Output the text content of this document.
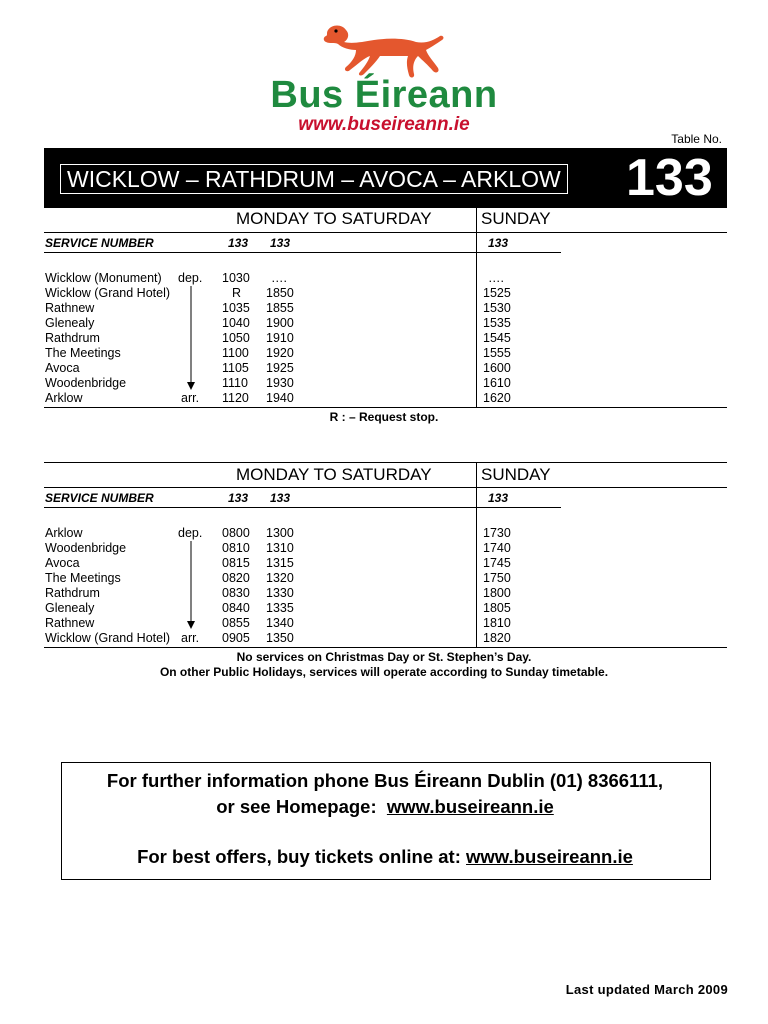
Bus Éireann
www.buseireann.ie
Table No.
WICKLOW – RATHDRUM – AVOCA – ARKLOW 133
MONDAY TO SATURDAY	SUNDAY
SERVICE NUMBER	133 133	133
Wicklow (Monument) dep. 1030 ….	….
Wicklow (Grand Hotel)	R 1850	1525
Rathnew	1035 1855	1530
Glenealy	1040 1900	1535
Rathdrum	1050 1910	1545
The Meetings	1100 1920	1555
Avoca	1105 1925	1600
Woodenbridge	1110 1930	1610
Arklow	arr. 1120 1940	1620
R : – Request stop.
MONDAY TO SATURDAY	SUNDAY
SERVICE NUMBER	133 133	133
Arklow	dep. 0800 1300	1730
Woodenbridge	0810 1310	1740
Avoca	0815 1315	1745
The Meetings	0820 1320	1750
Rathdrum	0830 1330	1800
Glenealy	0840 1335	1805
Rathnew	0855 1340	1810
Wicklow (Grand Hotel) arr. 0905 1350	1820
No services on Christmas Day or St. Stephen’s Day.
On other Public Holidays, services will operate according to Sunday timetable.
For further information phone Bus Éireann Dublin (01) 8366111,
or see Homepage: www.buseireann.ie
For best offers, buy tickets online at: www.buseireann.ie
Last updated March 2009
